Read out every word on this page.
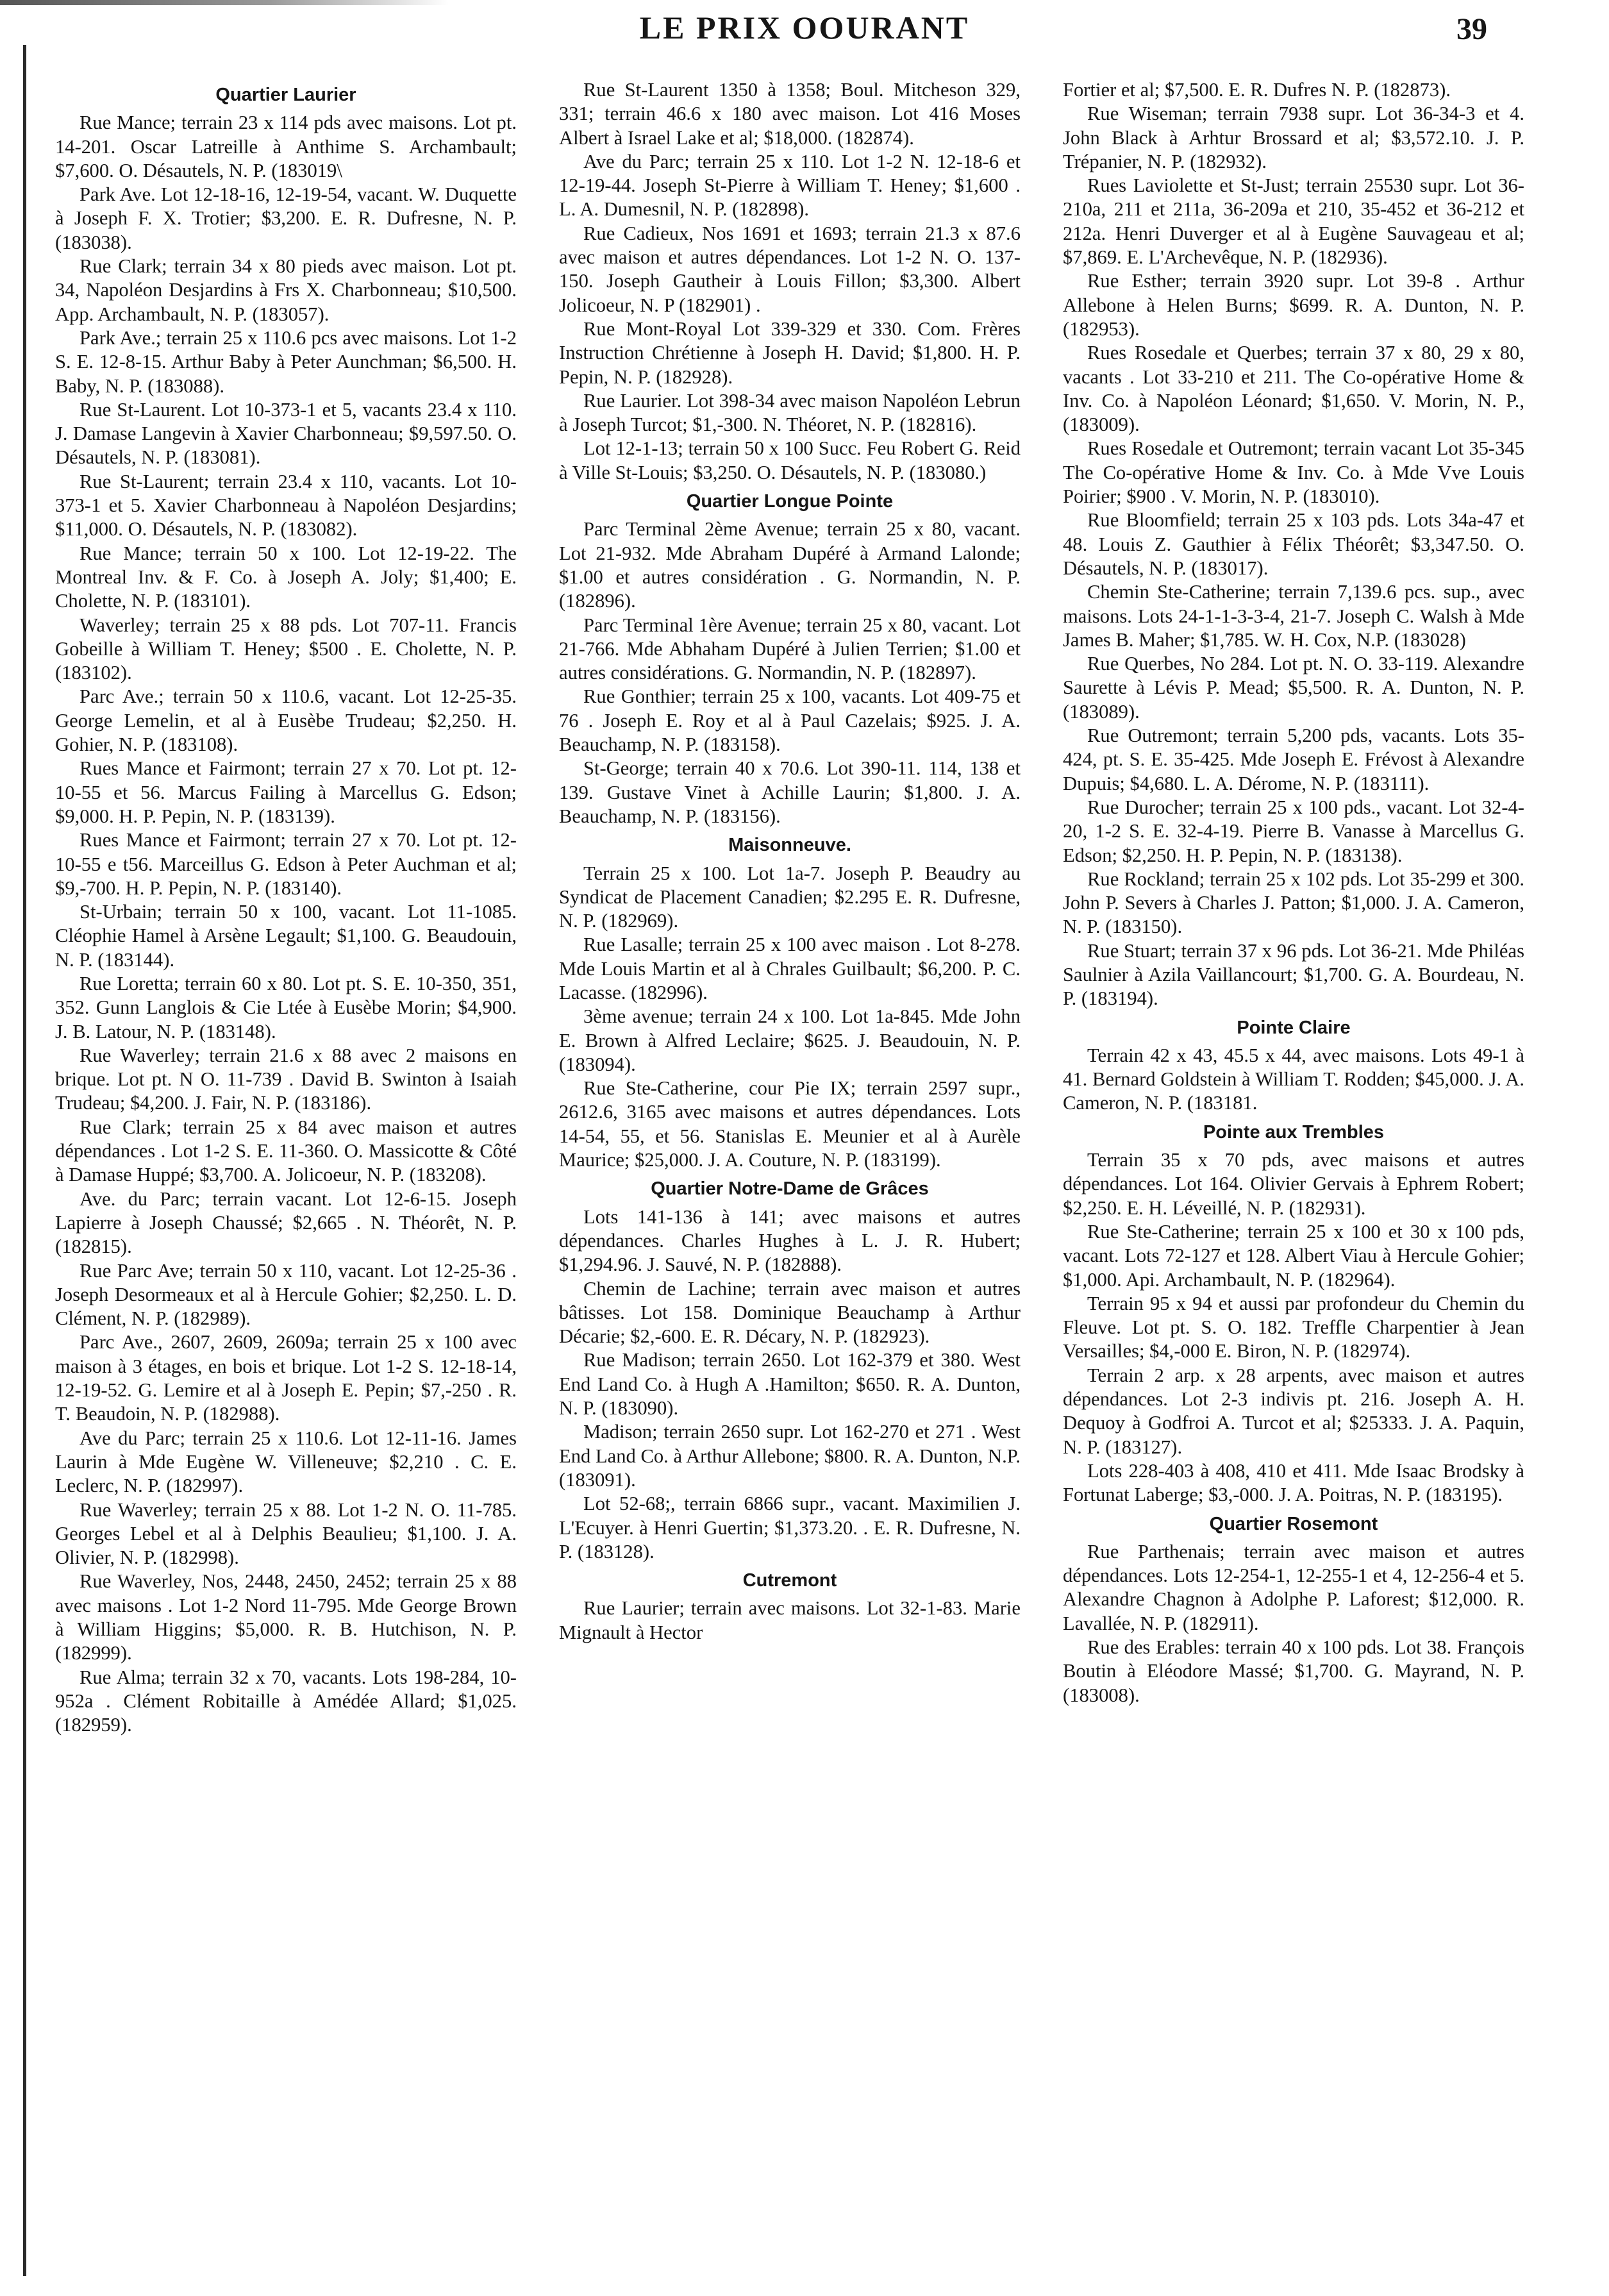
LE PRIX OOURANT	39
Quartier Laurier

Rue Mance; terrain 23 x 114 pds avec maisons. Lot pt. 14-201. Oscar Latreille à Anthime S. Archambault; $7,600. O. Désautels, N. P. (183019\

Park Ave. Lot 12-18-16, 12-19-54, vacant. W. Duquette à Joseph F. X. Trotier; $3,200. E. R. Dufresne, N. P. (183038).

Rue Clark; terrain 34 x 80 pieds avec maison. Lot pt. 34, Napoléon Desjardins à Frs X. Charbonneau; $10,500. App. Archambault, N. P. (183057).

Park Ave.; terrain 25 x 110.6 pcs avec maisons. Lot 1-2 S. E. 12-8-15. Arthur Baby à Peter Aunchman; $6,500. H. Baby, N. P. (183088).

Rue St-Laurent. Lot 10-373-1 et 5, vacants 23.4 x 110. J. Damase Langevin à Xavier Charbonneau; $9,597.50. O. Désautels, N. P. (183081).

Rue St-Laurent; terrain 23.4 x 110, vacants. Lot 10-373-1 et 5. Xavier Charbonneau à Napoléon Desjardins; $11,000. O. Désautels, N. P. (183082).

Rue Mance; terrain 50 x 100. Lot 12-19-22. The Montreal Inv. & F. Co. à Joseph A. Joly; $1,400; E. Cholette, N. P. (183101).

Waverley; terrain 25 x 88 pds. Lot 707-11. Francis Gobeille à William T. Heney; $500 . E. Cholette, N. P. (183102).

Parc Ave.; terrain 50 x 110.6, vacant. Lot 12-25-35. George Lemelin, et al à Eusèbe Trudeau; $2,250. H. Gohier, N. P. (183108).

Rues Mance et Fairmont; terrain 27 x 70. Lot pt. 12-10-55 et 56. Marcus Failing à Marcellus G. Edson; $9,000. H. P. Pepin, N. P. (183139).

Rues Mance et Fairmont; terrain 27 x 70. Lot pt. 12-10-55 e t56. Marceillus G. Edson à Peter Auchman et al; $9,-700. H. P. Pepin, N. P. (183140).

St-Urbain; terrain 50 x 100, vacant. Lot 11-1085. Cléophie Hamel à Arsène Legault; $1,100. G. Beaudouin, N. P. (183144).

Rue Loretta; terrain 60 x 80. Lot pt. S. E. 10-350, 351, 352. Gunn Langlois & Cie Ltée à Eusèbe Morin; $4,900. J. B. Latour, N. P. (183148).

Rue Waverley; terrain 21.6 x 88 avec 2 maisons en brique. Lot pt. N O. 11-739 . David B. Swinton à Isaiah Trudeau; $4,200. J. Fair, N. P. (183186).

Rue Clark; terrain 25 x 84 avec maison et autres dépendances . Lot 1-2 S. E. 11-360. O. Massicotte & Côté à Damase Huppé; $3,700. A. Jolicoeur, N. P. (183208).

Ave. du Parc; terrain vacant. Lot 12-6-15. Joseph Lapierre à Joseph Chaussé; $2,665 . N. Théorêt, N. P. (182815).

Rue Parc Ave; terrain 50 x 110, vacant. Lot 12-25-36 . Joseph Desormeaux et al à Hercule Gohier; $2,250. L. D. Clément, N. P. (182989).

Parc Ave., 2607, 2609, 2609a; terrain 25 x 100 avec maison à 3 étages, en bois et brique. Lot 1-2 S. 12-18-14, 12-19-52. G. Lemire et al à Joseph E. Pepin; $7,-250 . R. T. Beaudoin, N. P. (182988).

Ave du Parc; terrain 25 x 110.6. Lot 12-11-16. James Laurin à Mde Eugène W. Villeneuve; $2,210 . C. E. Leclerc, N. P. (182997).

Rue Waverley; terrain 25 x 88. Lot 1-2 N. O. 11-785. Georges Lebel et al à Delphis Beaulieu; $1,100. J. A. Olivier, N. P. (182998).

Rue Waverley, Nos, 2448, 2450, 2452; terrain 25 x 88 avec maisons . Lot 1-2 Nord 11-795. Mde George Brown à William Higgins; $5,000. R. B. Hutchison, N. P. (182999).

Rue Alma; terrain 32 x 70, vacants. Lots 198-284, 10-952a . Clément Robitaille à Amédée Allard; $1,025. (182959).

Rue St-Laurent 1350 à 1358; Boul. Mitcheson 329, 331; terrain 46.6 x 180 avec maison. Lot 416 Moses Albert à Israel Lake et al; $18,000. (182874).

Ave du Parc; terrain 25 x 110. Lot 1-2 N. 12-18-6 et 12-19-44. Joseph St-Pierre à William T. Heney; $1,600 . L. A. Dumesnil, N. P. (182898).

Rue Cadieux, Nos 1691 et 1693; terrain 21.3 x 87.6 avec maison et autres dépendances. Lot 1-2 N. O. 137-150. Joseph Gautheir à Louis Fillon; $3,300. Albert Jolicoeur, N. P (182901) .

Rue Mont-Royal Lot 339-329 et 330. Com. Frères Instruction Chrétienne à Joseph H. David; $1,800. H. P. Pepin, N. P. (182928).

Rue Laurier. Lot 398-34 avec maison Napoléon Lebrun à Joseph Turcot; $1,-300. N. Théoret, N. P. (182816).

Lot 12-1-13; terrain 50 x 100 Succ. Feu Robert G. Reid à Ville St-Louis; $3,250. O. Désautels, N. P. (183080.)

Quartier Longue Pointe

Parc Terminal 2ème Avenue; terrain 25 x 80, vacant. Lot 21-932. Mde Abraham Dupéré à Armand Lalonde; $1.00 et autres considération . G. Normandin, N. P. (182896).

Parc Terminal 1ère Avenue; terrain 25 x 80, vacant. Lot 21-766. Mde Abhaham Dupéré à Julien Terrien; $1.00 et autres considérations. G. Normandin, N. P. (182897).

Rue Gonthier; terrain 25 x 100, vacants. Lot 409-75 et 76 . Joseph E. Roy et al à Paul Cazelais; $925. J. A. Beauchamp, N. P. (183158).

St-George; terrain 40 x 70.6. Lot 390-11. 114, 138 et 139. Gustave Vinet à Achille Laurin; $1,800. J. A. Beauchamp, N. P. (183156).

Maisonneuve.

Terrain 25 x 100. Lot 1a-7. Joseph P. Beaudry au Syndicat de Placement Canadien; $2.295 E. R. Dufresne, N. P. (182969).

Rue Lasalle; terrain 25 x 100 avec maison . Lot 8-278. Mde Louis Martin et al à Chrales Guilbault; $6,200. P. C. Lacasse. (182996).

3ème avenue; terrain 24 x 100. Lot 1a-845. Mde John E. Brown à Alfred Leclaire; $625. J. Beaudouin, N. P. (183094).

Rue Ste-Catherine, cour Pie IX; terrain 2597 supr., 2612.6, 3165 avec maisons et autres dépendances. Lots 14-54, 55, et 56. Stanislas E. Meunier et al à Aurèle Maurice; $25,000. J. A. Couture, N. P. (183199).

Quartier Notre-Dame de Grâces

Lots 141-136 à 141; avec maisons et autres dépendances. Charles Hughes à L. J. R. Hubert; $1,294.96. J. Sauvé, N. P. (182888).

Chemin de Lachine; terrain avec maison et autres bâtisses. Lot 158. Dominique Beauchamp à Arthur Décarie; $2,-600. E. R. Décary, N. P. (182923).

Rue Madison; terrain 2650. Lot 162-379 et 380. West End Land Co. à Hugh A .Hamilton; $650. R. A. Dunton, N. P. (183090).

Madison; terrain 2650 supr. Lot 162-270 et 271 . West End Land Co. à Arthur Allebone; $800. R. A. Dunton, N.P. (183091).

Lot 52-68;, terrain 6866 supr., vacant. Maximilien J. L'Ecuyer. à Henri Guertin; $1,373.20. . E. R. Dufresne, N. P. (183128).

Cutremont

Rue Laurier; terrain avec maisons. Lot 32-1-83. Marie Mignault à Hector

Fortier et al; $7,500. E. R. Dufres N. P. (182873).

Rue Wiseman; terrain 7938 supr. Lot 36-34-3 et 4. John Black à Arhtur Brossard et al; $3,572.10. J. P. Trépanier, N. P. (182932).

Rues Laviolette et St-Just; terrain 25530 supr. Lot 36-210a, 211 et 211a, 36-209a et 210, 35-452 et 36-212 et 212a. Henri Duverger et al à Eugène Sauvageau et al; $7,869. E. L'Archevêque, N. P. (182936).

Rue Esther; terrain 3920 supr. Lot 39-8 . Arthur Allebone à Helen Burns; $699. R. A. Dunton, N. P. (182953).

Rues Rosedale et Querbes; terrain 37 x 80, 29 x 80, vacants . Lot 33-210 et 211. The Co-opérative Home & Inv. Co. à Napoléon Léonard; $1,650. V. Morin, N. P., (183009).

Rues Rosedale et Outremont; terrain vacant Lot 35-345 The Co-opérative Home & Inv. Co. à Mde Vve Louis Poirier; $900 . V. Morin, N. P. (183010).

Rue Bloomfield; terrain 25 x 103 pds. Lots 34a-47 et 48. Louis Z. Gauthier à Félix Théorêt; $3,347.50. O. Désautels, N. P. (183017).

Chemin Ste-Catherine; terrain 7,139.6 pcs. sup., avec maisons. Lots 24-1-1-3-3-4, 21-7. Joseph C. Walsh à Mde James B. Maher; $1,785. W. H. Cox, N.P. (183028)

Rue Querbes, No 284. Lot pt. N. O. 33-119. Alexandre Saurette à Lévis P. Mead; $5,500. R. A. Dunton, N. P. (183089).

Rue Outremont; terrain 5,200 pds, vacants. Lots 35-424, pt. S. E. 35-425. Mde Joseph E. Frévost à Alexandre Dupuis; $4,680. L. A. Dérome, N. P. (183111).

Rue Durocher; terrain 25 x 100 pds., vacant. Lot 32-4-20, 1-2 S. E. 32-4-19. Pierre B. Vanasse à Marcellus G. Edson; $2,250. H. P. Pepin, N. P. (183138).

Rue Rockland; terrain 25 x 102 pds. Lot 35-299 et 300. John P. Severs à Charles J. Patton; $1,000. J. A. Cameron, N. P. (183150).

Rue Stuart; terrain 37 x 96 pds. Lot 36-21. Mde Philéas Saulnier à Azila Vaillancourt; $1,700. G. A. Bourdeau, N. P. (183194).

Pointe Claire

Terrain 42 x 43, 45.5 x 44, avec maisons. Lots 49-1 à 41. Bernard Goldstein à William T. Rodden; $45,000. J. A. Cameron, N. P. (183181.

Pointe aux Trembles

Terrain 35 x 70 pds, avec maisons et autres dépendances. Lot 164. Olivier Gervais à Ephrem Robert; $2,250. E. H. Léveillé, N. P. (182931).

Rue Ste-Catherine; terrain 25 x 100 et 30 x 100 pds, vacant. Lots 72-127 et 128. Albert Viau à Hercule Gohier; $1,000. Api. Archambault, N. P. (182964).

Terrain 95 x 94 et aussi par profondeur du Chemin du Fleuve. Lot pt. S. O. 182. Treffle Charpentier à Jean Versailles; $4,-000 E. Biron, N. P. (182974).

Terrain 2 arp. x 28 arpents, avec maison et autres dépendances. Lot 2-3 indivis pt. 216. Joseph A. H. Dequoy à Godfroi A. Turcot et al; $25333. J. A. Paquin, N. P. (183127).

Lots 228-403 à 408, 410 et 411. Mde Isaac Brodsky à Fortunat Laberge; $3,-000. J. A. Poitras, N. P. (183195).

Quartier Rosemont

Rue Parthenais; terrain avec maison et autres dépendances. Lots 12-254-1, 12-255-1 et 4, 12-256-4 et 5. Alexandre Chagnon à Adolphe P. Laforest; $12,000. R. Lavallée, N. P. (182911).

Rue des Erables: terrain 40 x 100 pds. Lot 38. François Boutin à Eléodore Massé; $1,700. G. Mayrand, N. P. (183008).
